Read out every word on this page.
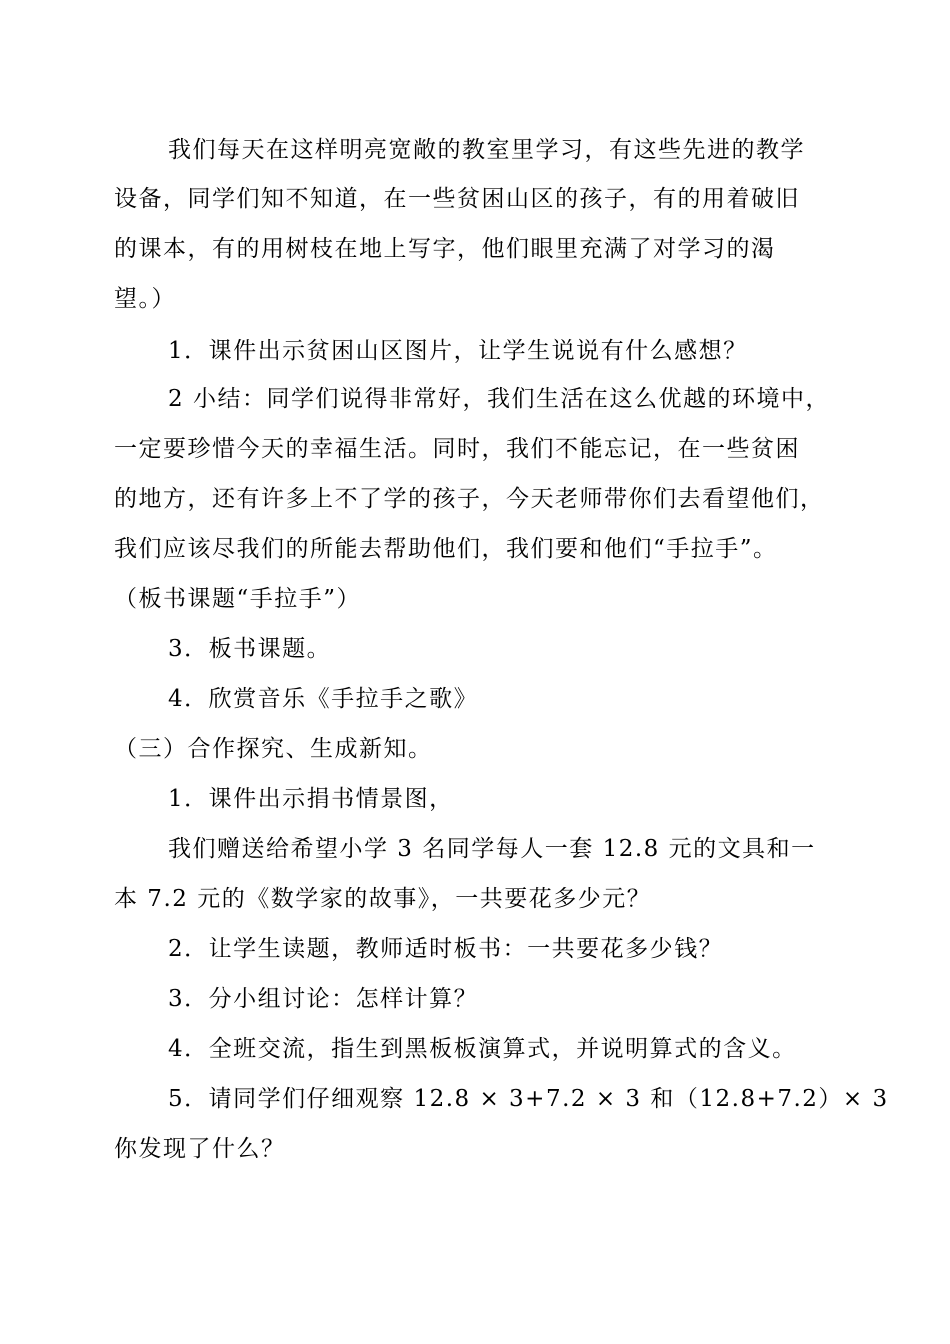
我们每天在这样明亮宽敞的教室里学习，有这些先进的教学
设备，同学们知不知道，在一些贫困山区的孩子，有的用着破旧
的课本，有的用树枝在地上写字，他们眼里充满了对学习的渴
望。）
1．课件出示贫困山区图片，让学生说说有什么感想？
2 小结：同学们说得非常好，我们生活在这么优越的环境中，
一定要珍惜今天的幸福生活。同时，我们不能忘记，在一些贫困
的地方，还有许多上不了学的孩子，今天老师带你们去看望他们，
我们应该尽我们的所能去帮助他们，我们要和他们“手拉手”。
（板书课题“手拉手”）
3．板书课题。
4．欣赏音乐《手拉手之歌》
（三）合作探究、生成新知。
1．课件出示捐书情景图，
我们赠送给希望小学 3 名同学每人一套 12.8 元的文具和一
本 7.2 元的《数学家的故事》，一共要花多少元？
2．让学生读题，教师适时板书：一共要花多少钱？
3．分小组讨论：怎样计算？
4．全班交流，指生到黑板板演算式，并说明算式的含义。
5．请同学们仔细观察 12.8 × 3+7.2 × 3 和（12.8+7.2）× 3
你发现了什么？
